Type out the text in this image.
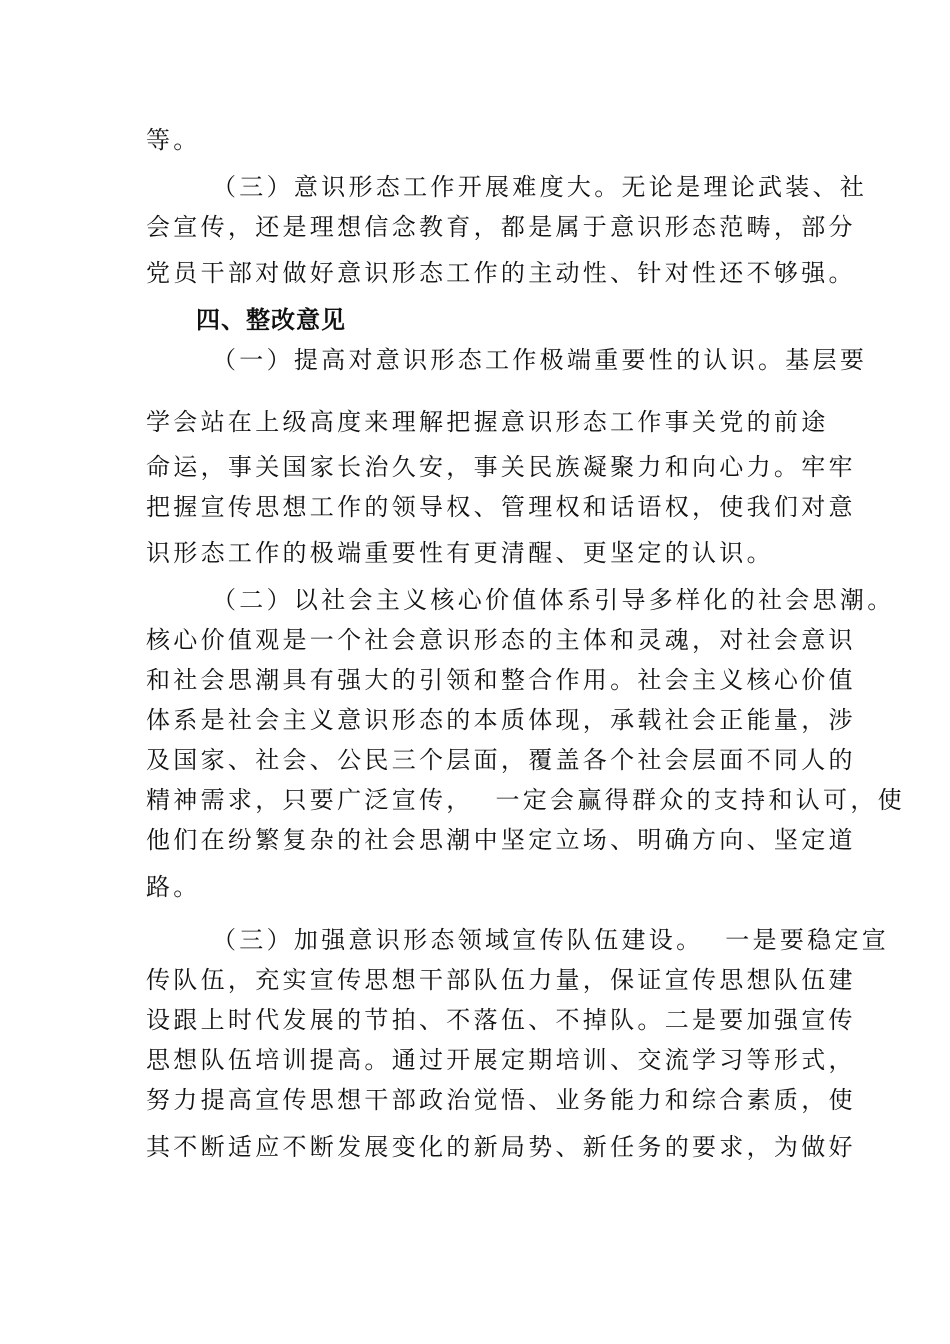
等。
（三）意识形态工作开展难度大。无论是理论武装、社
会宣传，还是理想信念教育，都是属于意识形态范畴，部分
党员干部对做好意识形态工作的主动性、针对性还不够强。
四、整改意见
（一）提高对意识形态工作极端重要性的认识。基层要
学会站在上级高度来理解把握意识形态工作事关党的前途
命运，事关国家长治久安，事关民族凝聚力和向心力。牢牢
把握宣传思想工作的领导权、管理权和话语权，使我们对意
识形态工作的极端重要性有更清醒、更坚定的认识。
（二）以社会主义核心价值体系引导多样化的社会思潮。
核心价值观是一个社会意识形态的主体和灵魂，对社会意识
和社会思潮具有强大的引领和整合作用。社会主义核心价值
体系是社会主义意识形态的本质体现，承载社会正能量，涉
及国家、社会、公民三个层面，覆盖各个社会层面不同人的
精神需求，只要广泛宣传，  一定会赢得群众的支持和认可，使
他们在纷繁复杂的社会思潮中坚定立场、明确方向、坚定道
路。
（三）加强意识形态领域宣传队伍建设。  一是要稳定宣
传队伍，充实宣传思想干部队伍力量，保证宣传思想队伍建
设跟上时代发展的节拍、不落伍、不掉队。二是要加强宣传
思想队伍培训提高。通过开展定期培训、交流学习等形式，
努力提高宣传思想干部政治觉悟、业务能力和综合素质，使
其不断适应不断发展变化的新局势、新任务的要求，为做好
